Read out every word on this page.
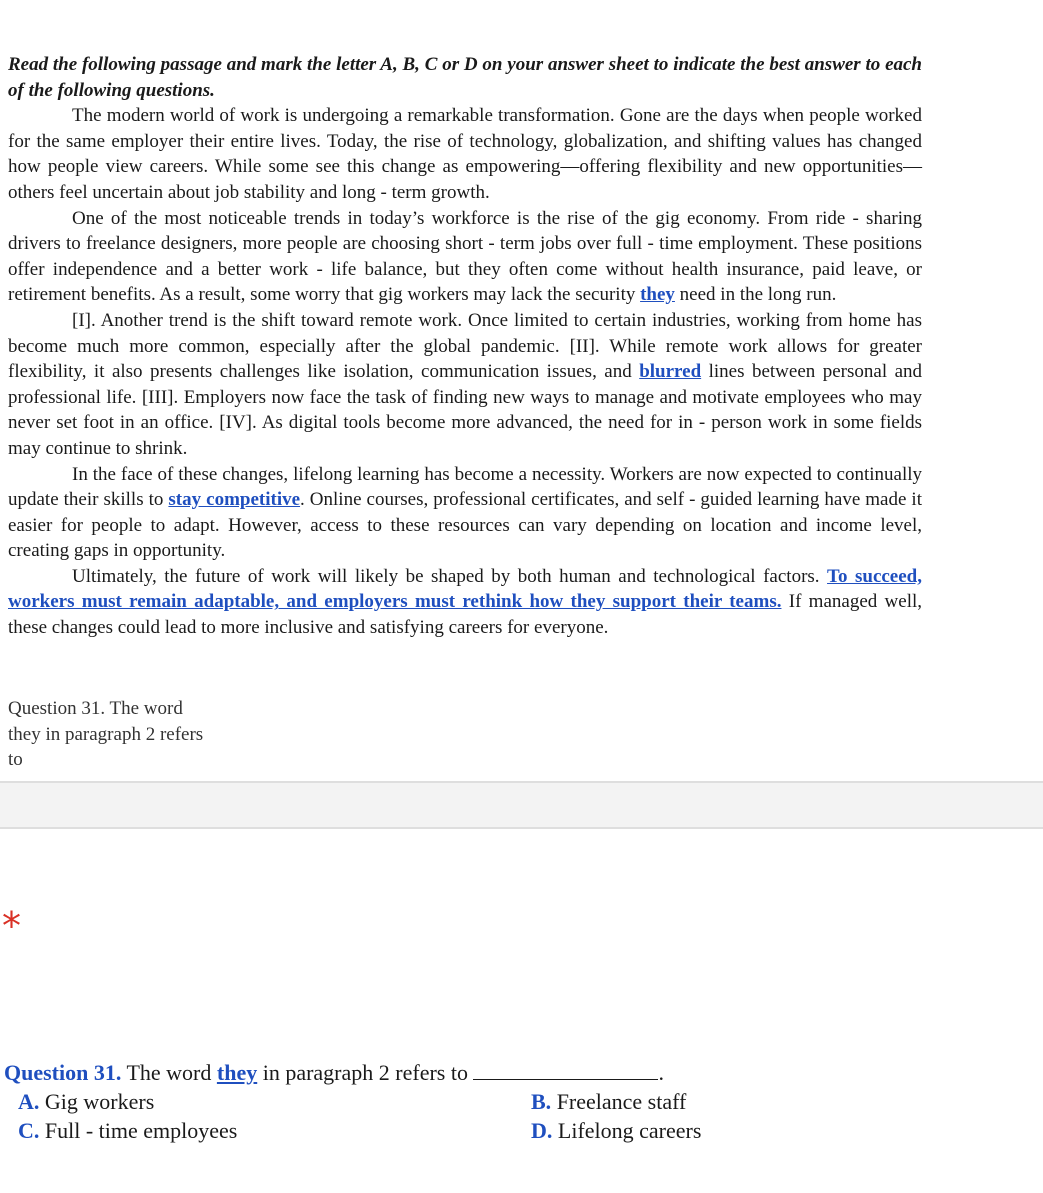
Read the following passage and mark the letter A, B, C or D on your answer sheet to indicate the best answer to each of the following questions.

The modern world of work is undergoing a remarkable transformation. Gone are the days when people worked for the same employer their entire lives. Today, the rise of technology, globalization, and shifting values has changed how people view careers. While some see this change as empowering—offering flexibility and new opportunities—others feel uncertain about job stability and long - term growth.

One of the most noticeable trends in today’s workforce is the rise of the gig economy. From ride - sharing drivers to freelance designers, more people are choosing short - term jobs over full - time employment. These positions offer independence and a better work - life balance, but they often come without health insurance, paid leave, or retirement benefits. As a result, some worry that gig workers may lack the security they need in the long run.

[I]. Another trend is the shift toward remote work. Once limited to certain industries, working from home has become much more common, especially after the global pandemic. [II]. While remote work allows for greater flexibility, it also presents challenges like isolation, communication issues, and blurred lines between personal and professional life. [III]. Employers now face the task of finding new ways to manage and motivate employees who may never set foot in an office. [IV]. As digital tools become more advanced, the need for in - person work in some fields may continue to shrink.

In the face of these changes, lifelong learning has become a necessity. Workers are now expected to continually update their skills to stay competitive. Online courses, professional certificates, and self - guided learning have made it easier for people to adapt. However, access to these resources can vary depending on location and income level, creating gaps in opportunity.

Ultimately, the future of work will likely be shaped by both human and technological factors. To succeed, workers must remain adaptable, and employers must rethink how they support their teams. If managed well, these changes could lead to more inclusive and satisfying careers for everyone.

Question 31. The word they in paragraph 2 refers to
*
Question 31. The word they in paragraph 2 refers to	.
A. Gig workers	B. Freelance staff
C. Full - time employees	D. Lifelong careers
